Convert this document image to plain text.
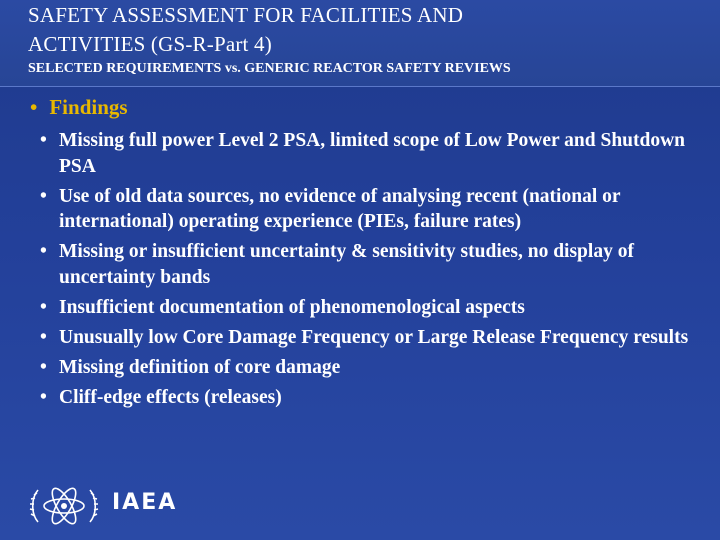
SAFETY ASSESSMENT FOR FACILITIES AND
ACTIVITIES (GS-R-Part 4)

SELECTED REQUIREMENTS vs. GENERIC REACTOR SAFETY REVIEWS

• Findings
• Missing full power Level 2 PSA, limited scope of Low Power and Shutdown PSA
• Use of old data sources, no evidence of analysing recent (national or international) operating experience (PIEs, failure rates)
• Missing or insufficient uncertainty & sensitivity studies, no display of uncertainty bands
• Insufficient documentation of phenomenological aspects
• Unusually low Core Damage Frequency or Large Release Frequency results
• Missing definition of core damage
• Cliff-edge effects (releases)
IAEA
